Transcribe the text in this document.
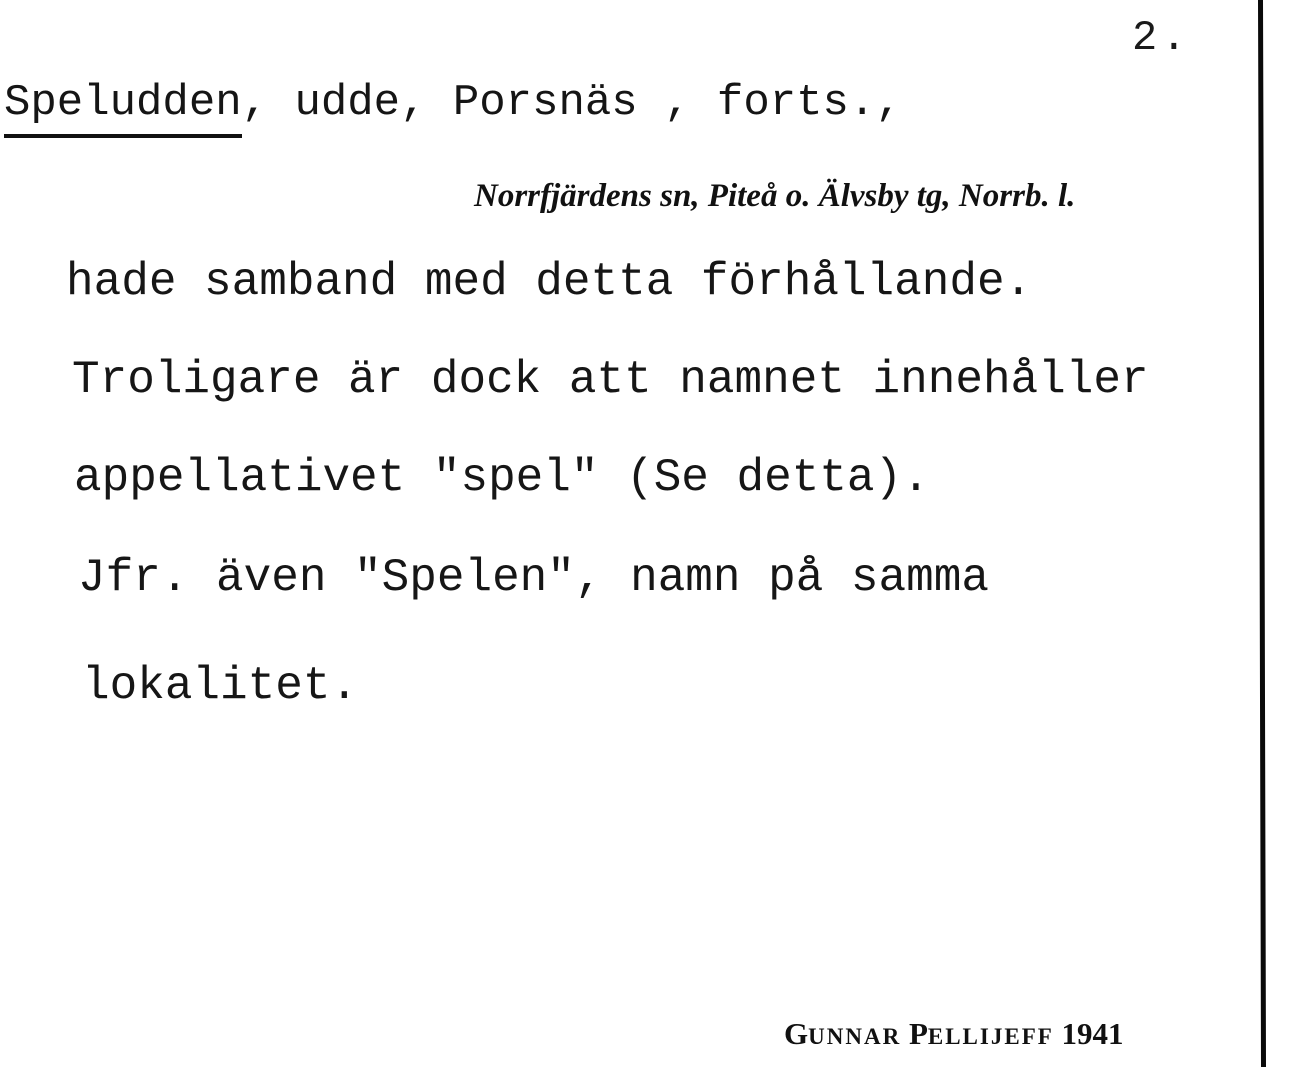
2.
Speludden, udde, Porsnäs , forts.,
Norrfjärdens sn, Piteå o. Älvsby tg, Norrb. l.
hade samband med detta förhållande.
Troligare är dock att namnet innehåller
appellativet "spel" (Se detta).
Jfr. även "Spelen", namn på samma
lokalitet.
GUNNAR PELLIJEFF 1941
